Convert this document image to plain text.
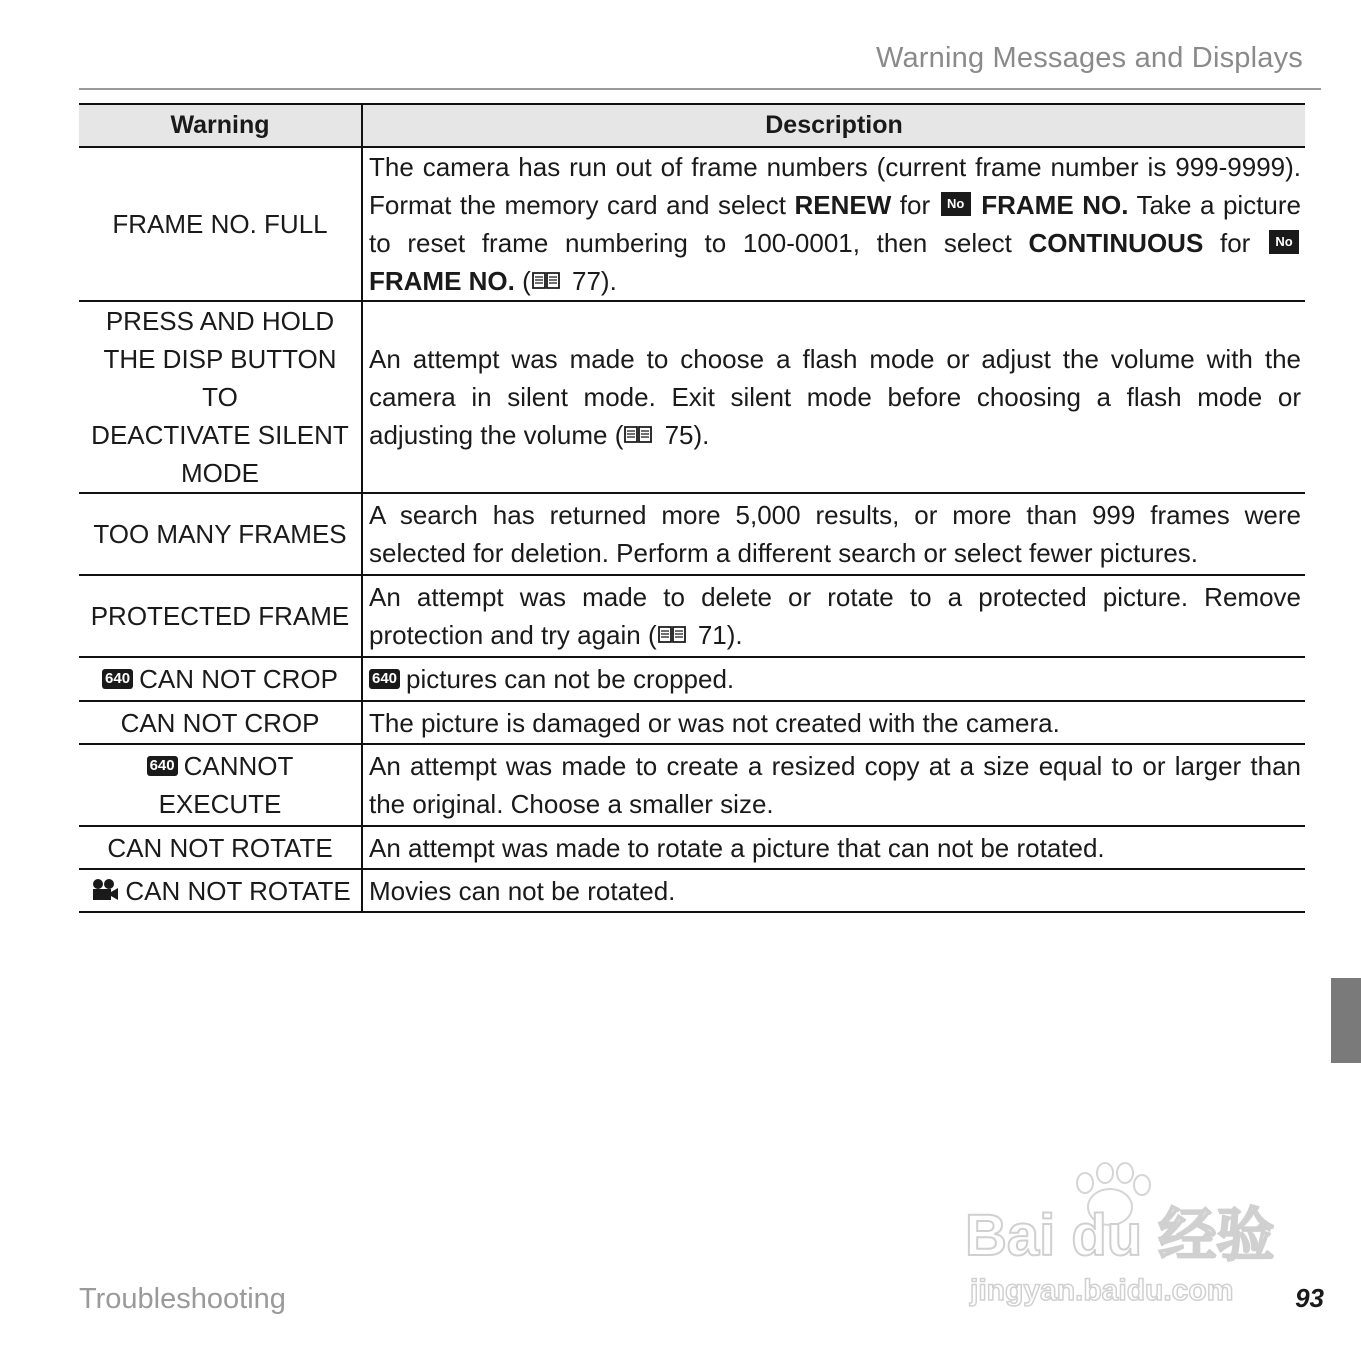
Warning Messages and Displays
Warning	Description
FRAME NO. FULL	The camera has run out of frame numbers (current frame number is 999-9999). Format the memory card and select RENEW for No FRAME NO. Take a picture to reset frame numbering to 100-0001, then select CONTINUOUS for No FRAME NO. ( 77).

PRESS AND HOLD
THE DISP BUTTON TO
DEACTIVATE SILENT MODE	An attempt was made to choose a flash mode or adjust the volume with the camera in silent mode. Exit silent mode before choosing a flash mode or adjusting the volume ( 75).
TOO MANY FRAMES	A search has returned more 5,000 results, or more than 999 frames were selected for deletion. Perform a different search or select fewer pictures.
PROTECTED FRAME	An attempt was made to delete or rotate to a protected picture. Remove protection and try again ( 71).
640 CAN NOT CROP	640 pictures can not be cropped.
CAN NOT CROP	The picture is damaged or was not created with the camera.
640 CANNOT EXECUTE	An attempt was made to create a resized copy at a size equal to or larger than the original. Choose a smaller size.
CAN NOT ROTATE	An attempt was made to rotate a picture that can not be rotated.
CAN NOT ROTATE	Movies can not be rotated.
Bai du 经验
jingyan.baidu.com
Troubleshooting	93
